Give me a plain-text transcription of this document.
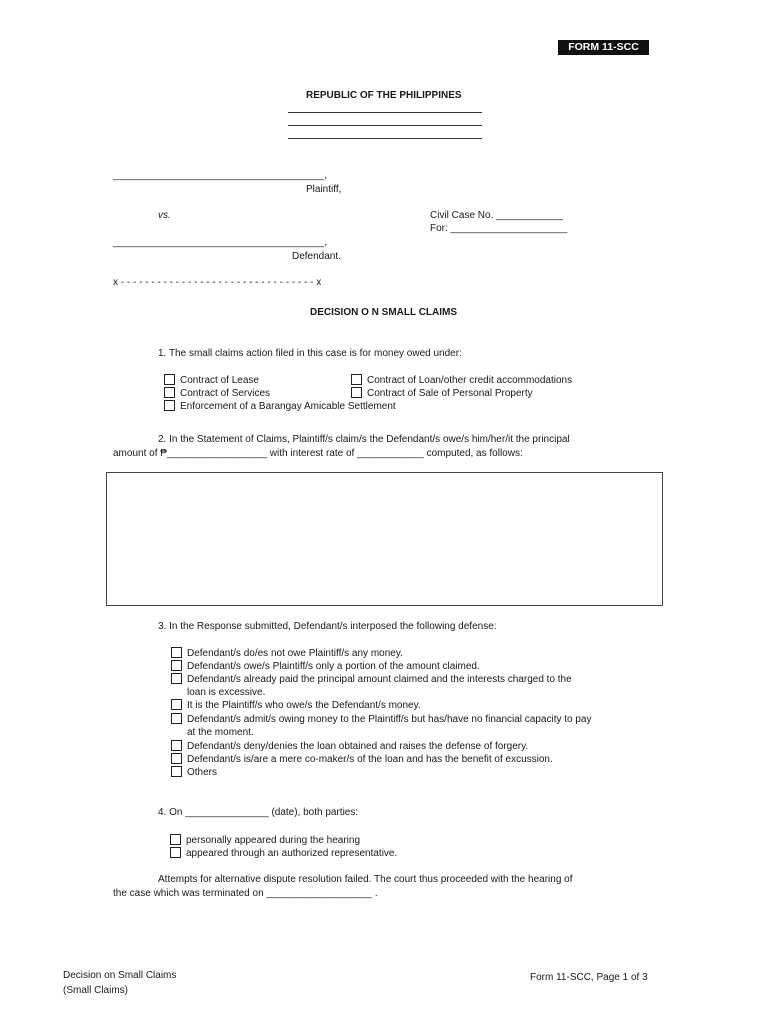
FORM 11-SCC
REPUBLIC OF THE PHILIPPINES
______________________________________,
Plaintiff,
vs.	Civil Case No. ____________
For: _____________________
______________________________________,
Defendant.
x - - - - - - - - - - - - - - - - - - - - - - - - - - - - - - - - x
DECISION O N SMALL CLAIMS
1. The small claims action filed in this case is for money owed under:
Contract of Lease
Contract of Services
Enforcement of a Barangay Amicable Settlement
Contract of Loan/other credit accommodations
Contract of Sale of Personal Property
2. In the Statement of Claims, Plaintiff/s claim/s the Defendant/s owe/s him/her/it the principal
amount of ₱__________________ with interest rate of ____________ computed, as follows:
3. In the Response submitted, Defendant/s interposed the following defense:
Defendant/s do/es not owe Plaintiff/s any money.
Defendant/s owe/s Plaintiff/s only a portion of the amount claimed.
Defendant/s already paid the principal amount claimed and the interests charged to the
loan is excessive.
It is the Plaintiff/s who owe/s the Defendant/s money.
Defendant/s admit/s owing money to the Plaintiff/s but has/have no financial capacity to pay
at the moment.
Defendant/s deny/denies the loan obtained and raises the defense of forgery.
Defendant/s is/are a mere co-maker/s of the loan and has the benefit of excussion.
Others
4. On _______________ (date), both parties:
personally appeared during the hearing
appeared through an authorized representative.
Attempts for alternative dispute resolution failed. The court thus proceeded with the hearing of
the case which was terminated on ___________________ .
Decision on Small Claims
(Small Claims)
Form 11-SCC, Page 1 of 3
